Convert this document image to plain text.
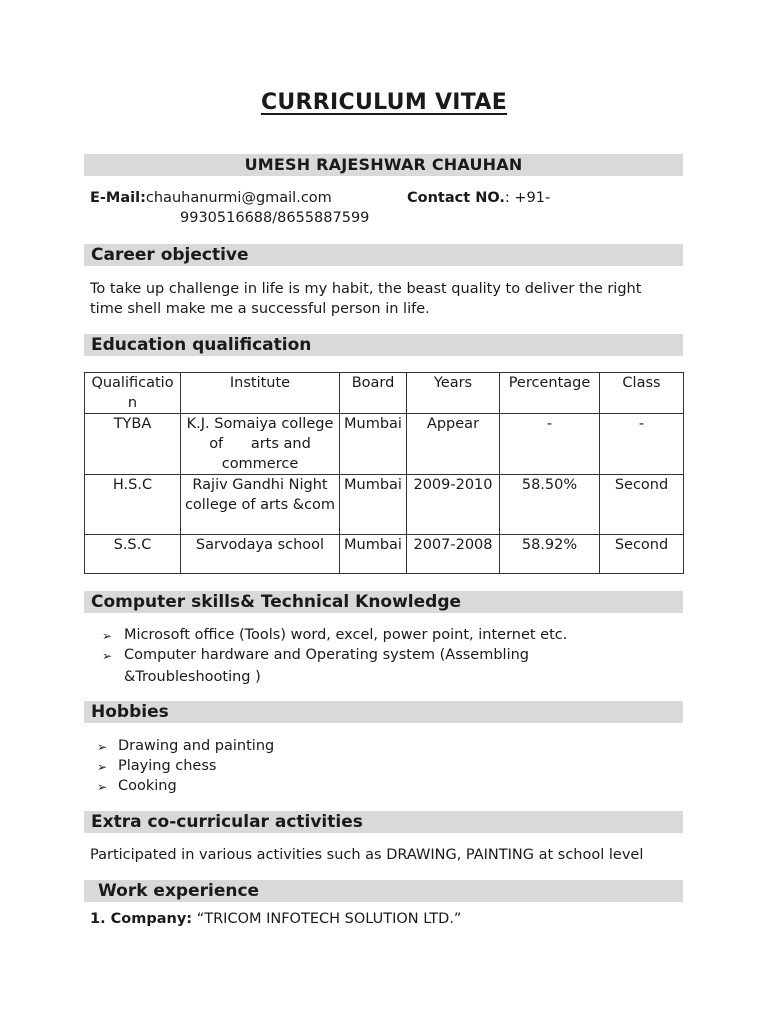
CURRICULUM VITAE
UMESH RAJESHWAR CHAUHAN
E-Mail:chauhanurmi@gmail.com	Contact NO.: +91-
9930516688/8655887599
Career objective
To take up challenge in life is my habit, the beast quality to deliver the right
time shell make me a successful person in life.
Education qualification
Qualification	Institute	Board	Years	Percentage	Class
TYBA	K.J. Somaiya college of      arts and commerce	Mumbai	Appear	-	-
H.S.C	Rajiv Gandhi Night college of arts &com	Mumbai	2009-2010	58.50%	Second
S.S.C	Sarvodaya school	Mumbai	2007-2008	58.92%	Second
Computer skills& Technical Knowledge
➢ Microsoft office (Tools) word, excel, power point, internet etc.
➢ Computer hardware and Operating system (Assembling
&Troubleshooting )
Hobbies
➢ Drawing and painting
➢ Playing chess
➢ Cooking
Extra co-curricular activities
Participated in various activities such as DRAWING, PAINTING at school level
Work experience
1. Company: “TRICOM INFOTECH SOLUTION LTD.”
